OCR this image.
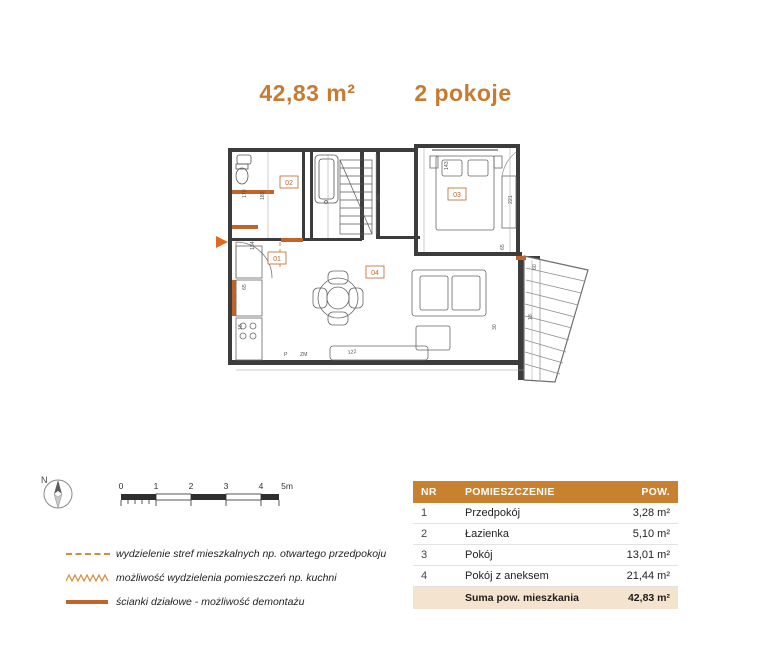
42,83 m²	2 pokoje
01
02
03
04
ZM
P
182	245
143
221
170
134
65
65
18
18
122
60
30
N
0	1	2	3	4 5m
wydzielenie stref mieszkalnych np. otwartego przedpokoju
możliwość wydzielenia pomieszczeń np. kuchni
ścianki działowe - możliwość demontażu
NR	POMIESZCZENIE	POW.
1	Przedpokój	3,28 m²
2	Łazienka	5,10 m²
3	Pokój	13,01 m²
4	Pokój z aneksem	21,44 m²
	Suma pow. mieszkania	42,83 m²
